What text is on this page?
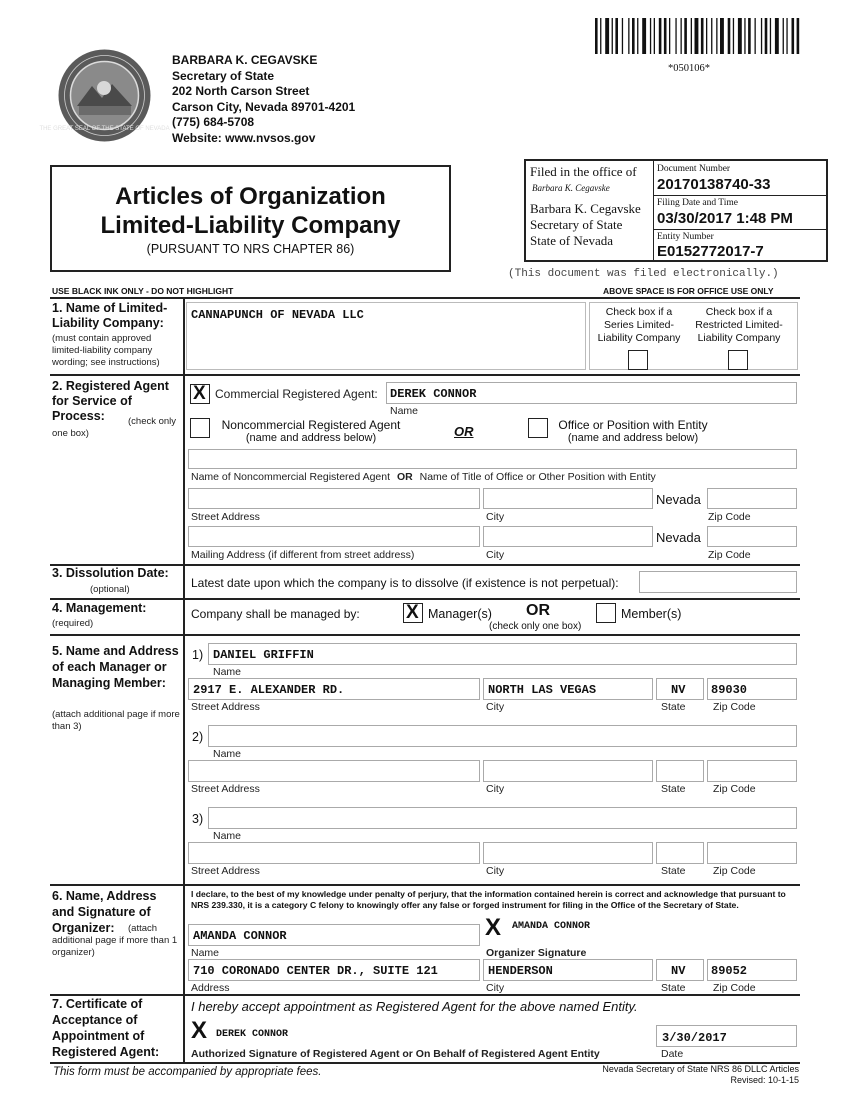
THE GREAT SEAL OF THE STATE OF NEVADA
BARBARA K. CEGAVSKE
Secretary of State
202 North Carson Street
Carson City, Nevada 89701-4201
(775) 684-5708
Website: www.nvsos.gov
*050106*
Articles of Organization
Limited-Liability Company
(PURSUANT TO NRS CHAPTER 86)
Filed in the office of
Barbara K. Cegavske
Barbara K. Cegavske
Secretary of State
State of Nevada
Document Number
20170138740-33
Filing Date and Time
03/30/2017 1:48 PM
Entity Number
E0152772017-7
(This document was filed electronically.)
USE BLACK INK ONLY - DO NOT HIGHLIGHT	ABOVE SPACE IS FOR OFFICE USE ONLY
1. Name of Limited-Liability Company:
(must contain approved limited-liability company wording; see instructions)
CANNAPUNCH OF NEVADA LLC	Check box if a Series Limited-Liability Company
Check box if a Restricted Limited-Liability Company
2. Registered Agent for Service of Process:	(check only one box)
X
Commercial Registered Agent: DEREK CONNOR
Name
Noncommercial Registered Agent
(name and address below)	OR	Office or Position with Entity
(name and address below)
Name of Noncommercial Registered Agent OR Name of Title of Office or Other Position with Entity
Nevada
Street Address	City	Zip Code
Nevada
Mailing Address (if different from street address)	City	Zip Code
3. Dissolution Date:
(optional)	Latest date upon which the company is to dissolve (if existence is not perpetual):
4. Management:
(required)
Company shall be managed by:
X	Manager(s) OR
(check only one box)
Member(s)
5. Name and Address of each Manager or Managing Member:
(attach additional page if more than 3)
1) DANIEL GRIFFIN
Name
2917 E. ALEXANDER RD.	NORTH LAS VEGAS	NV 89030
Street Address	City	State	Zip Code
2)
Name
Street Address	City	State	Zip Code
3)
Name
Street Address	City	State	Zip Code
6. Name, Address and Signature of Organizer:	(attach additional page if more than 1 organizer)
I declare, to the best of my knowledge under penalty of perjury, that the information contained herein is correct and acknowledge that pursuant to NRS 239.330, it is a category C felony to knowingly offer any false or forged instrument for filing in the Office of the Secretary of State.
AMANDA CONNOR	X AMANDA CONNOR
Name	Organizer Signature
710 CORONADO CENTER DR., SUITE 121	HENDERSON	NV 89052
Address	City	State	Zip Code
7. Certificate of Acceptance of Appointment of Registered Agent:
I hereby accept appointment as Registered Agent for the above named Entity.
X DEREK CONNOR	3/30/2017
Authorized Signature of Registered Agent or On Behalf of Registered Agent Entity	Date
This form must be accompanied by appropriate fees.	Nevada Secretary of State NRS 86 DLLC Articles
Revised: 10-1-15
